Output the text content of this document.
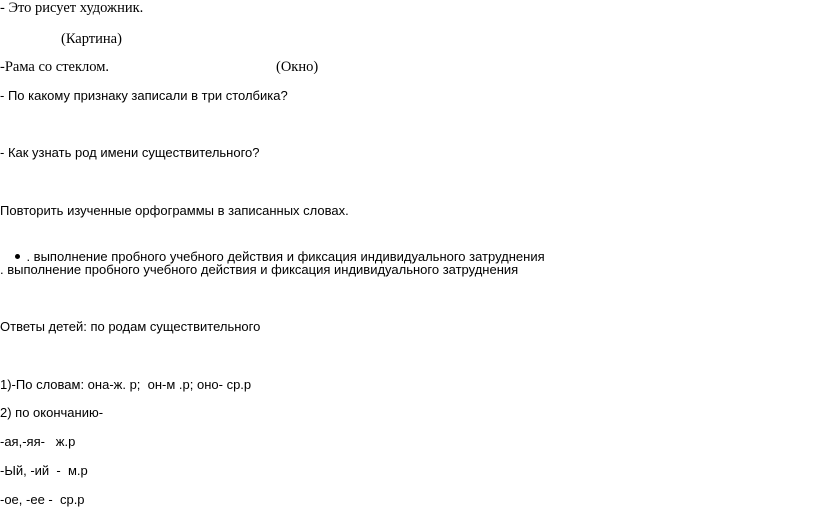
- Это рисует художник.
(Картина)
-Рама со стеклом.	(Окно)
- По какому признаку записали в три столбика?
- Как узнать род имени существительного?
Повторить изученные орфограммы в записанных словах.

. выполнение пробного учебного действия и фиксация индивидуального затруднения

. выполнение пробного учебного действия и фиксация индивидуального затруднения
Ответы детей: по родам существительного
1)-По словам: она-ж. р;  он-м .р; оно- ср.р
2) по окончанию-
-ая,-яя-   ж.р
-Ый, -ий  -  м.р
-ое, -ее -  ср.р
